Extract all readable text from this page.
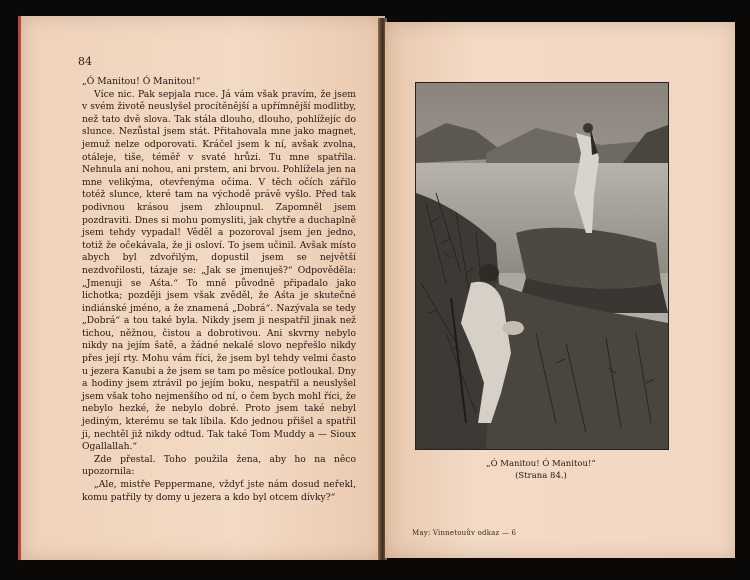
84

„Ó Manitou! Ó Manitou!“

Více nic. Pak sepjala ruce. Já vám však pravím, že jsem v svém životě neuslyšel procítěnější a upřímnější modlitby, než tato dvě slova. Tak stála dlouho, dlouho, pohlížejíc do slunce. Nezůstal jsem stát. Přitahovala mne jako magnet, jemuž nelze odporovati. Kráčel jsem k ní, avšak zvolna, otáleje, tiše, téměř v svaté hrůzi. Tu mne spatřila. Nehnula ani nohou, ani prstem, ani brvou. Pohlížela jen na mne velikýma, otevřenýma očima. V těch očích zářilo totéž slunce, které tam na východě právě vyšlo. Před tak podivnou krásou jsem zhloupnul. Zapomněl jsem pozdraviti. Dnes si mohu pomysliti, jak chytře a duchaplně jsem tehdy vypadal! Věděl a pozoroval jsem jen jedno, totiž že očekávala, že ji osloví. To jsem učinil. Avšak místo abych byl zdvořilým, dopustil jsem se největší nezdvořilosti, tázaje se: „Jak se jmenuješ?“ Odpověděla: „Jmenuji se Aśta.“ To mně původně připadalo jako lichotka; později jsem však zvěděl, že Aśta je skutečné indiánské jméno, a že znamená „Dobrá“. Nazývala se tedy „Dobrá“ a tou také byla. Nikdy jsem ji nespatřil jinak než tichou, něžnou, čistou a dobrotivou. Ani skvrny nebylo nikdy na jejím šatě, a žádné nekalé slovo nepřešlo nikdy přes její rty. Mohu vám říci, že jsem byl tehdy velmi často u jezera Kanubi a že jsem se tam po měsíce potloukal. Dny a hodiny jsem ztrávil po jejím boku, nespatřil a neuslyšel jsem však toho nejmenšího od ní, o čem bych mohl říci, že nebylo hezké, že nebylo dobré. Proto jsem také nebyl jediným, kterému se tak líbila. Kdo jednou přišel a spatřil ji, nechtěl již nikdy odtud. Tak také Tom Muddy a — Sioux Ogallallah.“

Zde přestal. Toho použila žena, aby ho na něco upozornila:

„Ale, mistře Peppermane, vždyť jste nám dosud neřekl, komu patřily ty domy u jezera a kdo byl otcem dívky?“

„Ó Manitou! Ó Manitou!“
(Strana 84.)
May: Vinnetouův odkaz — 6
